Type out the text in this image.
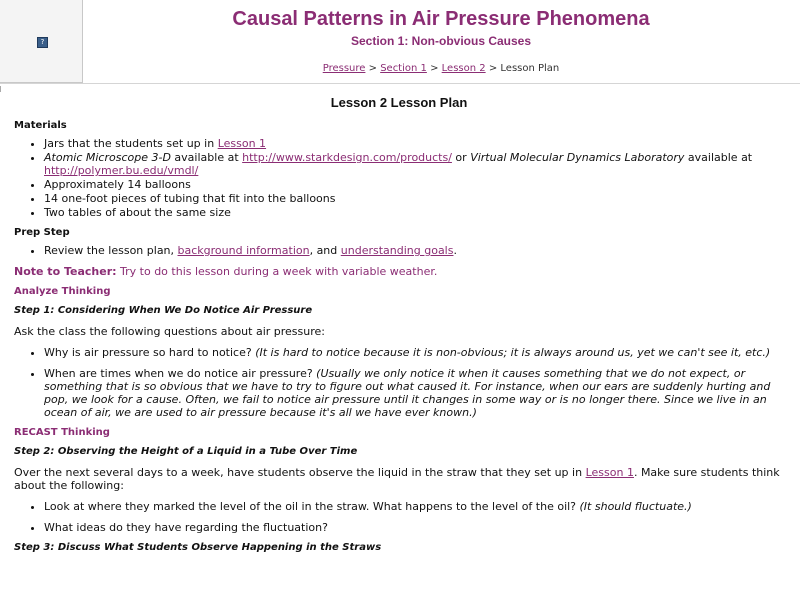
?
Causal Patterns in Air Pressure Phenomena
Section 1: Non-obvious Causes
Pressure > Section 1 > Lesson 2 > Lesson Plan
Lesson 2 Lesson Plan
Materials
• Jars that the students set up in Lesson 1
• Atomic Microscope 3-D available at http://www.starkdesign.com/products/ or Virtual Molecular Dynamics Laboratory available at http://polymer.bu.edu/vmdl/
• Approximately 14 balloons
• 14 one-foot pieces of tubing that fit into the balloons
• Two tables of about the same size
Prep Step
• Review the lesson plan, background information, and understanding goals.

Note to Teacher: Try to do this lesson during a week with variable weather.

Analyze Thinking
Step 1: Considering When We Do Notice Air Pressure

Ask the class the following questions about air pressure:

• Why is air pressure so hard to notice? (It is hard to notice because it is non-obvious; it is always around us, yet we can't see it, etc.)
• When are times when we do notice air pressure? (Usually we only notice it when it causes something that we do not expect, or something that is so obvious that we have to try to figure out what caused it. For instance, when our ears are suddenly hurting and pop, we look for a cause. Often, we fail to notice air pressure until it changes in some way or is no longer there. Since we live in an ocean of air, we are used to air pressure because it's all we have ever known.)
RECAST Thinking
Step 2: Observing the Height of a Liquid in a Tube Over Time

Over the next several days to a week, have students observe the liquid in the straw that they set up in Lesson 1. Make sure students think about the following:

• Look at where they marked the level of the oil in the straw. What happens to the level of the oil? (It should fluctuate.)
• What ideas do they have regarding the fluctuation?
Step 3: Discuss What Students Observe Happening in the Straws
